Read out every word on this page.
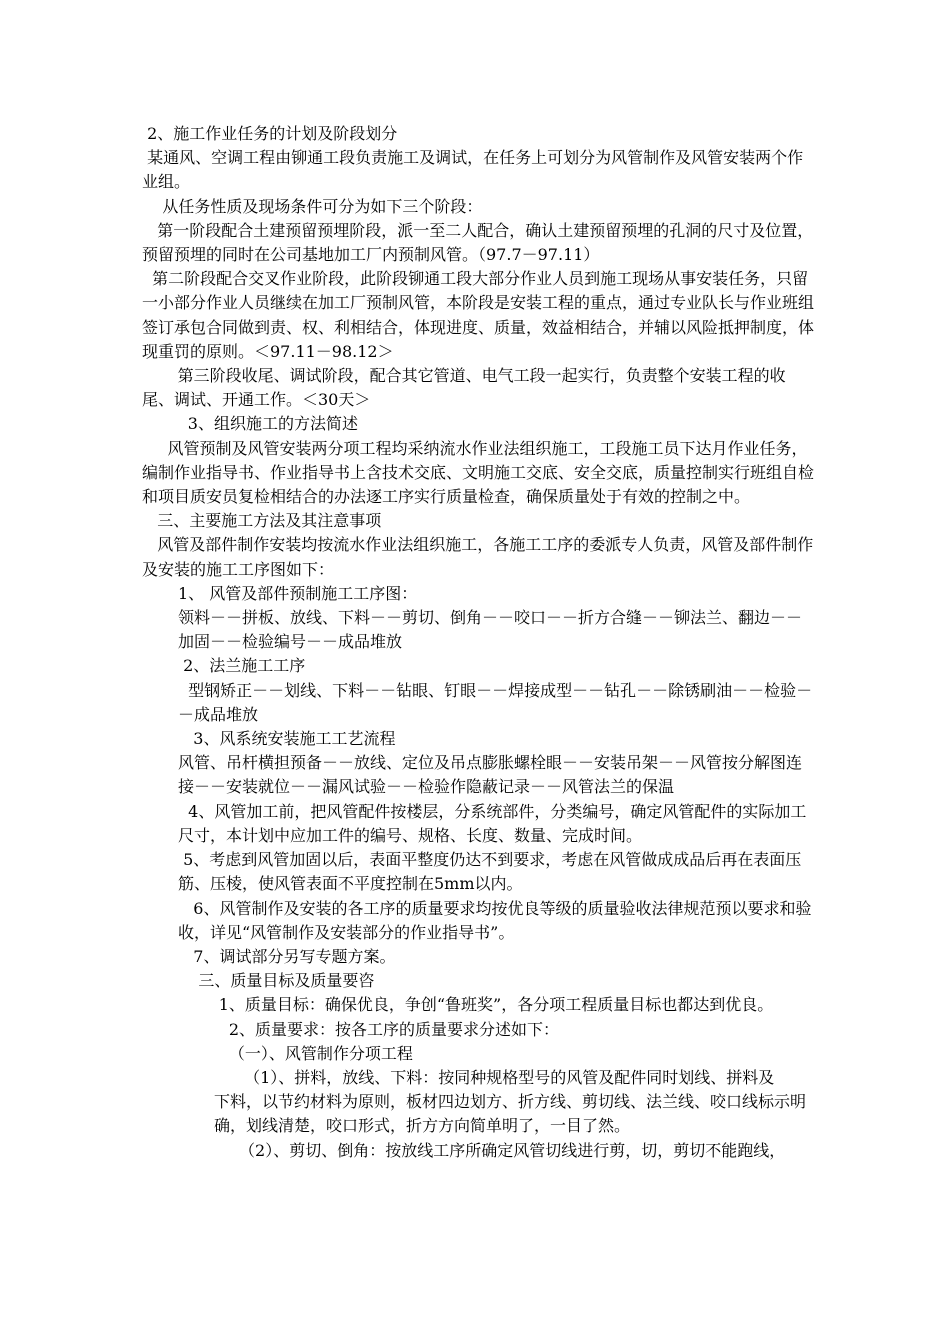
2、施工作业任务的计划及阶段划分

某通风、空调工程由铆通工段负责施工及调试，在任务上可划分为风管制作及风管安装两个作业组。

从任务性质及现场条件可分为如下三个阶段：

第一阶段配合土建预留预埋阶段，派一至二人配合，确认土建预留预埋的孔洞的尺寸及位置，预留预埋的同时在公司基地加工厂内预制风管。（97.7－97.11）

第二阶段配合交叉作业阶段，此阶段铆通工段大部分作业人员到施工现场从事安装任务，只留一小部分作业人员继续在加工厂预制风管，本阶段是安装工程的重点，通过专业队长与作业班组签订承包合同做到责、权、利相结合，体现进度、质量，效益相结合，并辅以风险抵押制度，体现重罚的原则。＜97.11－98.12＞

第三阶段收尾、调试阶段，配合其它管道、电气工段一起实行，负责整个安装工程的收尾、调试、开通工作。＜30天＞

3、组织施工的方法简述

风管预制及风管安装两分项工程均采纳流水作业法组织施工，工段施工员下达月作业任务，编制作业指导书、作业指导书上含技术交底、文明施工交底、安全交底，质量控制实行班组自检和项目质安员复检相结合的办法逐工序实行质量检查，确保质量处于有效的控制之中。

三、主要施工方法及其注意事项

风管及部件制作安装均按流水作业法组织施工，各施工工序的委派专人负责，风管及部件制作及安装的施工工序图如下：

1、 风管及部件预制施工工序图：

领料－－拼板、放线、下料－－剪切、倒角－－咬口－－折方合缝－－铆法兰、翻边－－加固－－检验编号－－成品堆放

2、法兰施工工序

型钢矫正－－划线、下料－－钻眼、钉眼－－焊接成型－－钻孔－－除锈刷油－－检验－－成品堆放

3、风系统安装施工工艺流程

风管、吊杆横担预备－－放线、定位及吊点膨胀螺栓眼－－安装吊架－－风管按分解图连接－－安装就位－－漏风试验－－检验作隐蔽记录－－风管法兰的保温

4、风管加工前，把风管配件按楼层，分系统部件，分类编号，确定风管配件的实际加工尺寸，本计划中应加工件的编号、规格、长度、数量、完成时间。

5、考虑到风管加固以后，表面平整度仍达不到要求，考虑在风管做成成品后再在表面压筋、压棱，使风管表面不平度控制在5mm以内。

6、风管制作及安装的各工序的质量要求均按优良等级的质量验收法律规范预以要求和验收，详见“风管制作及安装部分的作业指导书”。

7、调试部分另写专题方案。

三、质量目标及质量要咨

1、质量目标：确保优良，争创“鲁班奖”，各分项工程质量目标也都达到优良。

2、质量要求：按各工序的质量要求分述如下：

（一）、风管制作分项工程

（1）、拼料，放线、下料：按同种规格型号的风管及配件同时划线、拼料及

下料，以节约材料为原则，板材四边划方、折方线、剪切线、法兰线、咬口线标示明确，划线清楚，咬口形式，折方方向简单明了，一目了然。

（2）、剪切、倒角：按放线工序所确定风管切线进行剪，切，剪切不能跑线，
